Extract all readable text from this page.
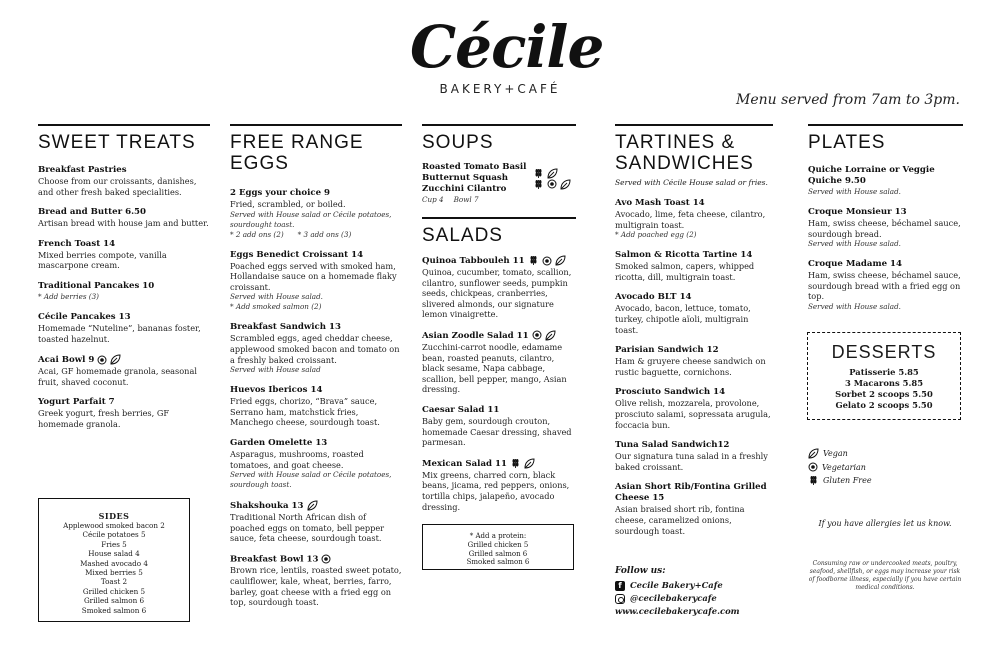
Cécile
BAKERY+CAFÉ
Menu served from 7am to 3pm.
SWEET TREATS
Breakfast Pastries
Choose from our croissants, danishes, and other fresh baked specialities.
Bread and Butter 6.50
Artisan bread with house jam and butter.
French Toast 14
Mixed berries compote, vanilla mascarpone cream.
Traditional Pancakes 10
* Add berries (3)
Cécile Pancakes 13
Homemade “Nuteline”, bananas foster, toasted hazelnut.
Acai Bowl 9
Acai, GF homemade granola, seasonal fruit, shaved coconut.
Yogurt Parfait 7
Greek yogurt, fresh berries, GF homemade granola.
SIDES
Applewood smoked bacon 2
Cécile potatoes 5
Fries 5
House salad 4
Mashed avocado 4
Mixed berries 5
Toast 2
Grilled chicken 5
Grilled salmon 6
Smoked salmon 6
FREE RANGE EGGS
2 Eggs your choice 9
Fried, scrambled, or boiled.
Served with House salad or Cécile potatoes, sourdought toast.
* 2 add ons (2) * 3 add ons (3)
Eggs Benedict Croissant 14
Poached eggs served with smoked ham, Hollandaise sauce on a homemade flaky croissant.
Served with House salad.
* Add smoked salmon (2)
Breakfast Sandwich 13
Scrambled eggs, aged cheddar cheese, applewood smoked bacon and tomato on a freshly baked croissant.
Served with House salad
Huevos Ibericos 14
Fried eggs, chorizo, “Brava” sauce, Serrano ham, matchstick fries, Manchego cheese, sourdough toast.
Garden Omelette 13
Asparagus, mushrooms, roasted tomatoes, and goat cheese.
Served with House salad or Cécile potatoes, sourdough toast.
Shakshouka 13
Traditional North African dish of poached eggs on tomato, bell pepper sauce, feta cheese, sourdough toast.
Breakfast Bowl 13
Brown rice, lentils, roasted sweet potato, cauliflower, kale, wheat, berries, farro, barley, goat cheese with a fried egg on top, sourdough toast.
SOUPS
Roasted Tomato Basil
Butternut Squash
Zucchini Cilantro
Cup 4 Bowl 7
SALADS
Quinoa Tabbouleh 11
Quinoa, cucumber, tomato, scallion, cilantro, sunflower seeds, pumpkin seeds, chickpeas, cranberries, slivered almonds, our signature lemon vinaigrette.
Asian Zoodle Salad 11
Zucchini-carrot noodle, edamame bean, roasted peanuts, cilantro, black sesame, Napa cabbage, scallion, bell pepper, mango, Asian dressing.
Caesar Salad 11
Baby gem, sourdough crouton, homemade Caesar dressing, shaved parmesan.
Mexican Salad 11
Mix greens, charred corn, black beans, jicama, red peppers, onions, tortilla chips, jalapeño, avocado dressing.
* Add a protein:
Grilled chicken 5
Grilled salmon 6
Smoked salmon 6
TARTINES & SANDWICHES
Served with Cécile House salad or fries.
Avo Mash Toast 14
Avocado, lime, feta cheese, cilantro, multigrain toast.
* Add poached egg (2)
Salmon & Ricotta Tartine 14
Smoked salmon, capers, whipped ricotta, dill, multigrain toast.
Avocado BLT 14
Avocado, bacon, lettuce, tomato, turkey, chipotle aïoli, multigrain toast.
Parisian Sandwich 12
Ham & gruyere cheese sandwich on rustic baguette, cornichons.
Prosciuto Sandwich 14
Olive relish, mozzarela, provolone, prosciuto salami, sopressata arugula, foccacia bun.
Tuna Salad Sandwich12
Our signatura tuna salad in a freshly baked croissant.
Asian Short Rib/Fontina Grilled Cheese 15
Asian braised short rib, fontina cheese, caramelized onions, sourdough toast.
Follow us:
f Cecile Bakery+Cafe
@cecilebakerycafe
www.cecilebakerycafe.com
PLATES
Quiche Lorraine or Veggie Quiche 9.50
Served with House salad.
Croque Monsieur 13
Ham, swiss cheese, béchamel sauce, sourdough bread.
Served with House salad.
Croque Madame 14
Ham, swiss cheese, béchamel sauce, sourdough bread with a fried egg on top.
Served with House salad.
DESSERTS
Patisserie 5.85
3 Macarons 5.85
Sorbet 2 scoops 5.50
Gelato 2 scoops 5.50
Vegan
Vegetarian
Gluten Free
If you have allergies let us know.
Consuming raw or undercooked meats, poultry, seafood, shellfish, or eggs may increase your risk of foodborne illness, especially if you have certain medical conditions.
